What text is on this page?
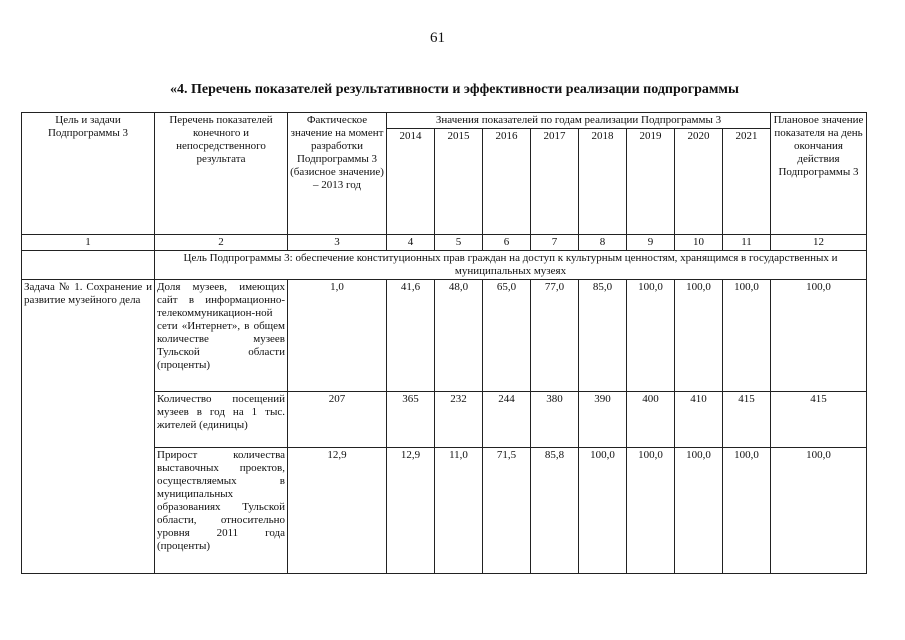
61
«4. Перечень показателей результативности и эффективности реализации подпрограммы
Цель и задачи Подпрограммы 3	Перечень показателей конечного и непосредственного результата	Фактическое значение на момент разработки Подпрограммы 3 (базисное значение) – 2013 год	Значения показателей по годам реализации Подпрограммы 3								Плановое значение показателя на день окончания действия Подпрограммы 3
			2014	2015	2016	2017	2018	2019	2020	2021	
1	2	3	4	5	6	7	8	9	10	11	12
	Цель Подпрограммы 3: обеспечение конституционных прав граждан на доступ к культурным ценностям, хранящимся в государственных и муниципальных музеях										
Задача № 1. Сохранение и развитие музейного дела	Доля музеев, имеющих сайт в информационно-телекоммуникацион-ной сети «Интернет», в общем количестве музеев Тульской области (проценты)	1,0	41,6	48,0	65,0	77,0	85,0	100,0	100,0	100,0	100,0
	Количество посещений музеев в год на 1 тыс. жителей (единицы)	207	365	232	244	380	390	400	410	415	415
	Прирост количества выставочных проектов, осуществляемых в муниципальных образованиях Тульской области, относительно уровня 2011 года (проценты)	12,9	12,9	11,0	71,5	85,8	100,0	100,0	100,0	100,0	100,0
